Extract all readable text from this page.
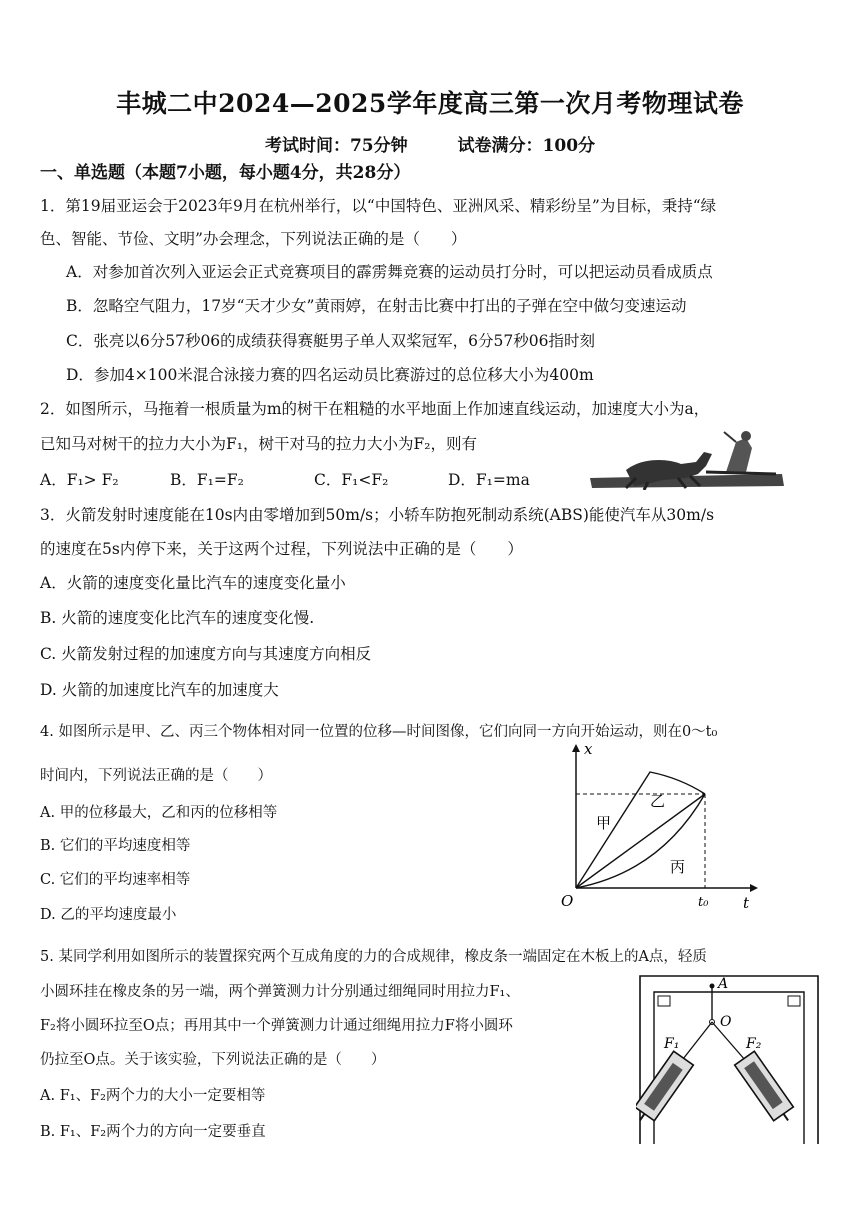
丰城二中2024—2025学年度高三第一次月考物理试卷
考试时间：75分钟	试卷满分：100分
一、单选题（本题7小题，每小题4分，共28分）
1．第19届亚运会于2023年9月在杭州举行，以“中国特色、亚洲风采、精彩纷呈”为目标，秉持“绿
色、智能、节俭、文明”办会理念，下列说法正确的是（　　）
A．对参加首次列入亚运会正式竞赛项目的霹雳舞竞赛的运动员打分时，可以把运动员看成质点
B．忽略空气阻力，17岁“天才少女”黄雨婷，在射击比赛中打出的子弹在空中做匀变速运动
C．张亮以6分57秒06的成绩获得赛艇男子单人双桨冠军，6分57秒06指时刻
D．参加4×100米混合泳接力赛的四名运动员比赛游过的总位移大小为400m
2．如图所示，马拖着一根质量为m的树干在粗糙的水平地面上作加速直线运动，加速度大小为a，
已知马对树干的拉力大小为F₁，树干对马的拉力大小为F₂，则有
A．F₁> F₂	B．F₁=F₂	C．F₁<F₂	D．F₁=ma
3．火箭发射时速度能在10s内由零增加到50m/s；小轿车防抱死制动系统(ABS)能使汽车从30m/s
的速度在5s内停下来，关于这两个过程，下列说法中正确的是（　　）
A．火箭的速度变化量比汽车的速度变化量小
B. 火箭的速度变化比汽车的速度变化慢.
C. 火箭发射过程的加速度方向与其速度方向相反
D. 火箭的加速度比汽车的加速度大
4. 如图所示是甲、乙、丙三个物体相对同一位置的位移—时间图像，它们向同一方向开始运动，则在0～t₀
时间内，下列说法正确的是（　　）
A. 甲的位移最大，乙和丙的位移相等
B. 它们的平均速度相等
C. 它们的平均速率相等
D. 乙的平均速度最小
x
t
O	t₀
甲
乙
丙
5. 某同学利用如图所示的装置探究两个互成角度的力的合成规律，橡皮条一端固定在木板上的A点，轻质
小圆环挂在橡皮条的另一端，两个弹簧测力计分别通过细绳同时用拉力F₁、
F₂将小圆环拉至O点；再用其中一个弹簧测力计通过细绳用拉力F将小圆环
仍拉至O点。关于该实验，下列说法正确的是（　　）
A. F₁、F₂两个力的大小一定要相等
B. F₁、F₂两个力的方向一定要垂直
A
O
F₁	F₂
